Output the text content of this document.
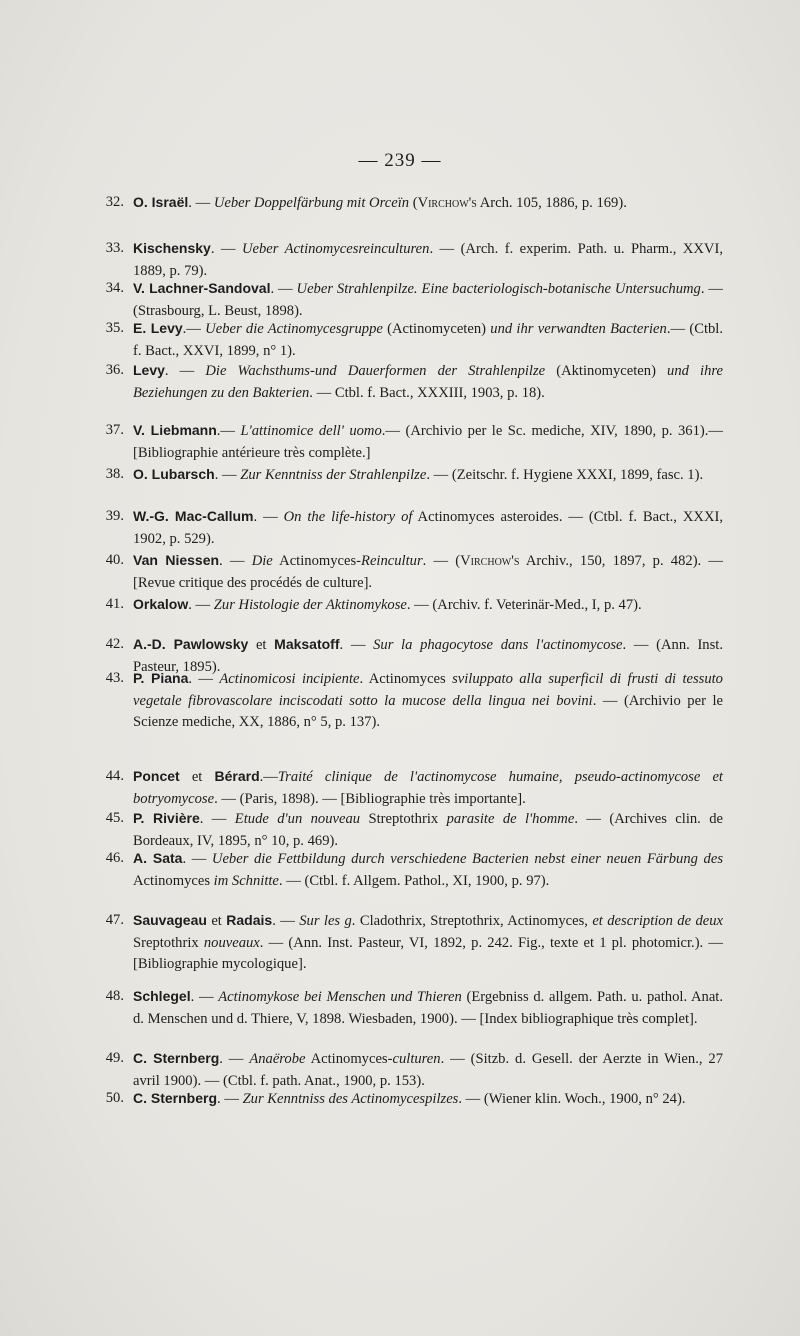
— 239 —
32. O. Israël. — Ueber Doppelfärbung mit Orceïn (Virchow's Arch. 105, 1886, p. 169).
33. Kischensky. — Ueber Actinomycesreinculturen. — (Arch. f. experim. Path. u. Pharm., XXVI, 1889, p. 79).
34. V. Lachner-Sandoval. — Ueber Strahlenpilze. Eine bacteriologisch-botanische Untersuchumg. — (Strasbourg, L. Beust, 1898).
35. E. Levy.— Ueber die Actinomycesgruppe (Actinomyceten) und ihr verwandten Bacterien.— (Ctbl. f. Bact., XXVI, 1899, n° 1).
36. Levy. — Die Wachsthums-und Dauerformen der Strahlenpilze (Aktinomyceten) und ihre Beziehungen zu den Bakterien. — Ctbl. f. Bact., XXXIII, 1903, p. 18).
37. V. Liebmann.— L'attinomice dell' uomo.— (Archivio per le Sc. mediche, XIV, 1890, p. 361).— [Bibliographie antérieure très complète.]
38. O. Lubarsch. — Zur Kenntniss der Strahlenpilze. — (Zeitschr. f. Hygiene XXXI, 1899, fasc. 1).
39. W.-G. Mac-Callum. — On the life-history of Actinomyces asteroides. — (Ctbl. f. Bact., XXXI, 1902, p. 529).
40. Van Niessen. — Die Actinomyces-Reincultur. — (Virchow's Archiv., 150, 1897, p. 482). — [Revue critique des procédés de culture].
41. Orkalow. — Zur Histologie der Aktinomykose. — (Archiv. f. Veterinär-Med., I, p. 47).
42. A.-D. Pawlowsky et Maksatoff. — Sur la phagocytose dans l'actinomycose. — (Ann. Inst. Pasteur, 1895).
43. P. Piana. — Actinomicosi incipiente. Actinomyces sviluppato alla superficil di frusti di tessuto vegetale fibrovascolare inciscodati sotto la mucose della lingua nei bovini. — (Archivio per le Scienze mediche, XX, 1886, n° 5, p. 137).
44. Poncet et Bérard.—Traité clinique de l'actinomycose humaine, pseudo-actinomycose et botryomycose. — (Paris, 1898). — [Bibliographie très importante].
45. P. Rivière. — Etude d'un nouveau Streptothrix parasite de l'homme. — (Archives clin. de Bordeaux, IV, 1895, n° 10, p. 469).
46. A. Sata. — Ueber die Fettbildung durch verschiedene Bacterien nebst einer neuen Färbung des Actinomyces im Schnitte. — (Ctbl. f. Allgem. Pathol., XI, 1900, p. 97).
47. Sauvageau et Radais. — Sur les g. Cladothrix, Streptothrix, Actinomyces, et description de deux Sreptothrix nouveaux. — (Ann. Inst. Pasteur, VI, 1892, p. 242. Fig., texte et 1 pl. photomicr.). — [Bibliographie mycologique].
48. Schlegel. — Actinomykose bei Menschen und Thieren (Ergebniss d. allgem. Path. u. pathol. Anat. d. Menschen und d. Thiere, V, 1898. Wiesbaden, 1900). — [Index bibliographique très complet].
49. C. Sternberg. — Anaërobe Actinomyces-culturen. — (Sitzb. d. Gesell. der Aerzte in Wien., 27 avril 1900). — (Ctbl. f. path. Anat., 1900, p. 153).
50. C. Sternberg. — Zur Kenntniss des Actinomycespilzes. — (Wiener klin. Woch., 1900, n° 24).
